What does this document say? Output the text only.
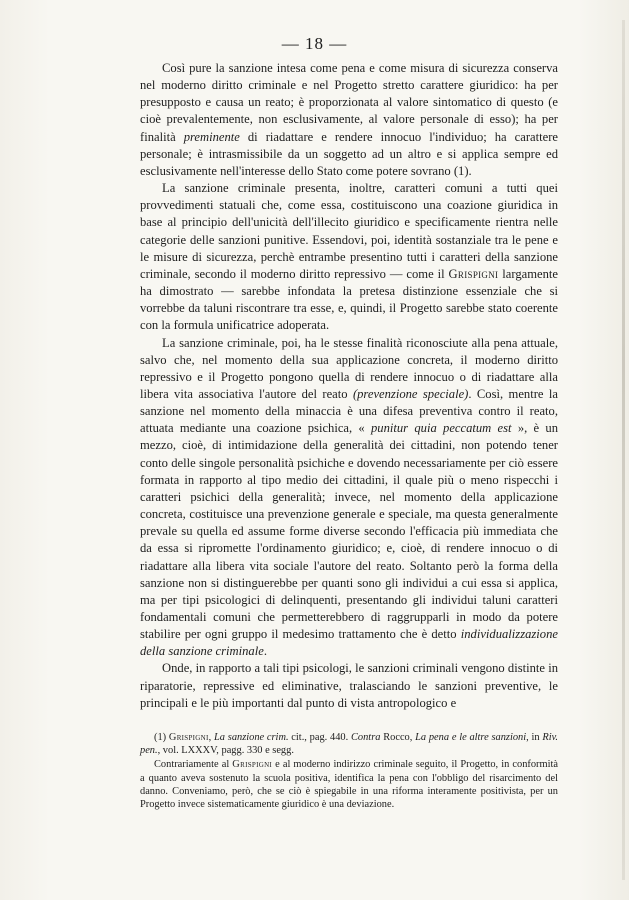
— 18 —

Così pure la sanzione intesa come pena e come misura di sicurezza conserva nel moderno diritto criminale e nel Progetto stretto carattere giuridico: ha per presupposto e causa un reato; è proporzionata al valore sintomatico di questo (e cioè prevalentemente, non esclusivamente, al valore personale di esso); ha per finalità preminente di riadattare e rendere innocuo l'individuo; ha carattere personale; è intrasmissibile da un soggetto ad un altro e si applica sempre ed esclusivamente nell'interesse dello Stato come potere sovrano (1).

La sanzione criminale presenta, inoltre, caratteri comuni a tutti quei provvedimenti statuali che, come essa, costituiscono una coazione giuridica in base al principio dell'unicità dell'illecito giuridico e specificamente rientra nelle categorie delle sanzioni punitive. Essendovi, poi, identità sostanziale tra le pene e le misure di sicurezza, perchè entrambe presentino tutti i caratteri della sanzione criminale, secondo il moderno diritto repressivo — come il Grispigni largamente ha dimostrato — sarebbe infondata la pretesa distinzione essenziale che si vorrebbe da taluni riscontrare tra esse, e, quindi, il Progetto sarebbe stato coerente con la formula unificatrice adoperata.

La sanzione criminale, poi, ha le stesse finalità riconosciute alla pena attuale, salvo che, nel momento della sua applicazione concreta, il moderno diritto repressivo e il Progetto pongono quella di rendere innocuo o di riadattare alla libera vita associativa l'autore del reato (prevenzione speciale). Così, mentre la sanzione nel momento della minaccia è una difesa preventiva contro il reato, attuata mediante una coazione psichica, « punitur quia peccatum est », è un mezzo, cioè, di intimidazione della generalità dei cittadini, non potendo tener conto delle singole personalità psichiche e dovendo necessariamente per ciò essere formata in rapporto al tipo medio dei cittadini, il quale più o meno rispecchi i caratteri psichici della generalità; invece, nel momento della applicazione concreta, costituisce una prevenzione generale e speciale, ma questa generalmente prevale su quella ed assume forme diverse secondo l'efficacia più immediata che da essa si ripromette l'ordinamento giuridico; e, cioè, di rendere innocuo o di riadattare alla libera vita sociale l'autore del reato. Soltanto però la forma della sanzione non si distinguerebbe per quanti sono gli individui a cui essa si applica, ma per tipi psicologici di delinquenti, presentando gli individui taluni caratteri fondamentali comuni che permetterebbero di raggrupparli in modo da potere stabilire per ogni gruppo il medesimo trattamento che è detto individualizzazione della sanzione criminale.

Onde, in rapporto a tali tipi psicologi, le sanzioni criminali vengono distinte in riparatorie, repressive ed eliminative, tralasciando le sanzioni preventive, le principali e le più importanti dal punto di vista antropologico e

(1) Grispigni, La sanzione crim. cit., pag. 440. Contra Rocco, La pena e le altre sanzioni, in Riv. pen., vol. LXXXV, pagg. 330 e segg.

Contrariamente al Grispigni e al moderno indirizzo criminale seguito, il Progetto, in conformità a quanto aveva sostenuto la scuola positiva, identifica la pena con l'obbligo del risarcimento del danno. Conveniamo, però, che se ciò è spiegabile in una riforma interamente positivista, per un Progetto invece sistematicamente giuridico è una deviazione.
